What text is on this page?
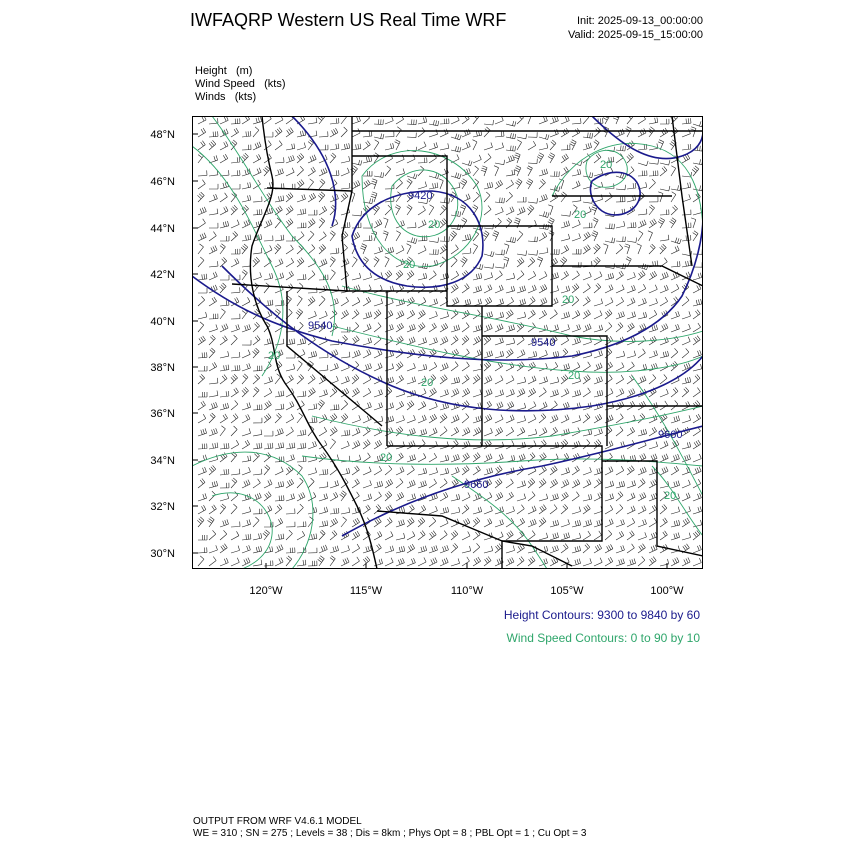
IWFAQRP Western US Real Time WRF	Init: 2025-09-13_00:00:00
Valid: 2025-09-15_15:00:00
Height (m)
Wind Speed (kts)
Winds (kts)
48°N
46°N
44°N
42°N
40°N
38°N
36°N
34°N
32°N
30°N
120°W	115°W	110°W	105°W	100°W
9420
9540
9540
9660
9660
20
20
20
20
20
20
20
20
20
20
Height Contours: 9300 to 9840 by 60
Wind Speed Contours: 0 to 90 by 10
OUTPUT FROM WRF V4.6.1 MODEL
WE = 310 ; SN = 275 ; Levels = 38 ; Dis = 8km ; Phys Opt = 8 ; PBL Opt = 1 ; Cu Opt = 3
